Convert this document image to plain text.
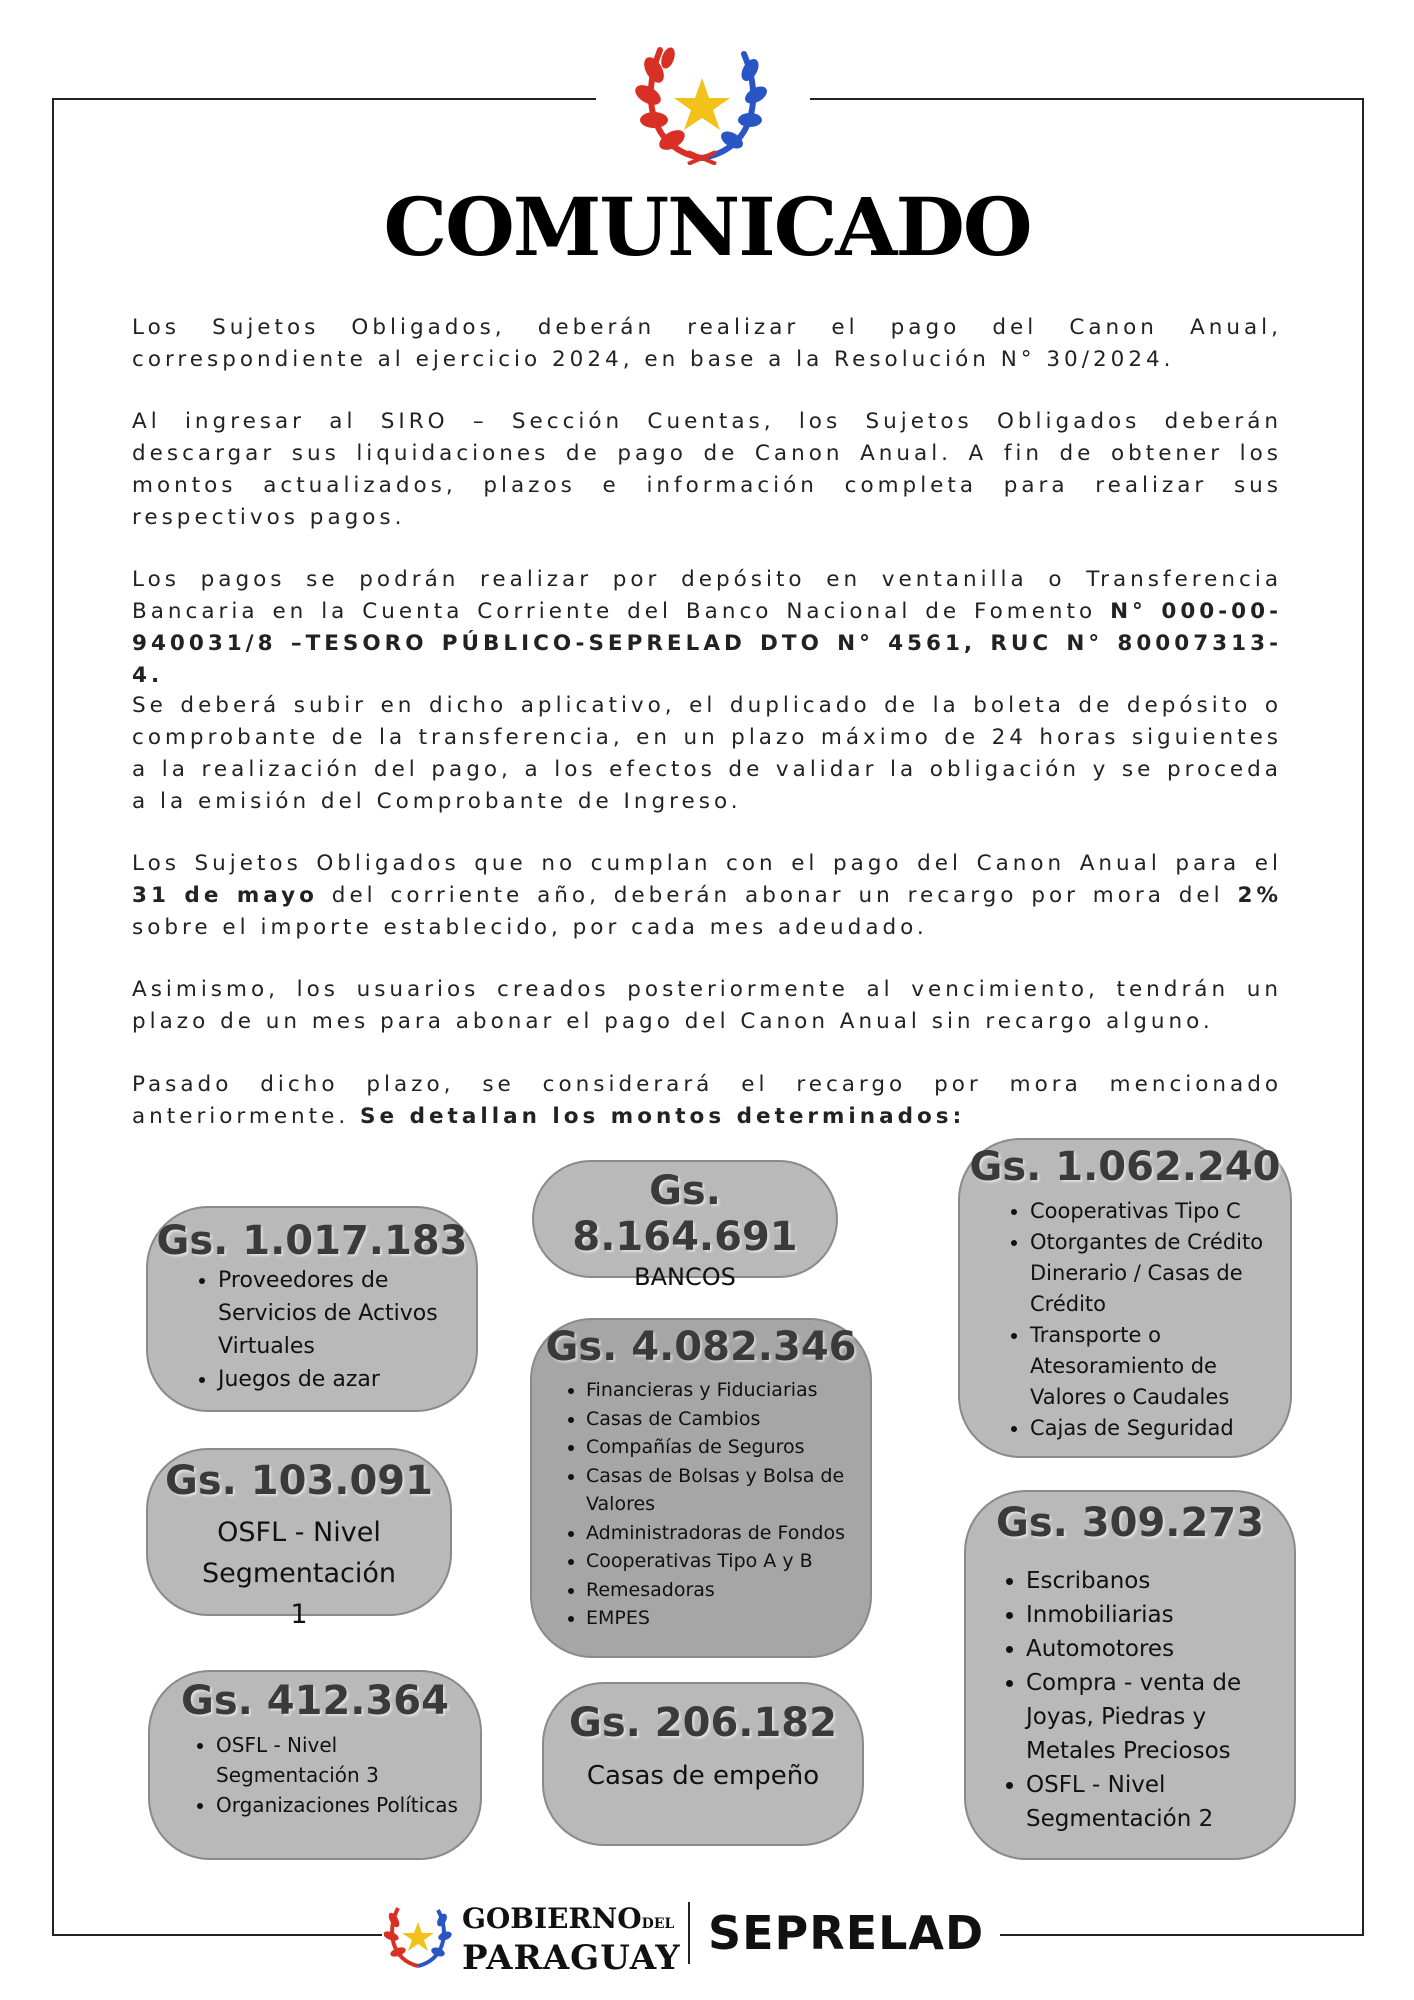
COMUNICADO

Los Sujetos Obligados, deberán realizar el pago del Canon Anual, correspondiente al ejercicio 2024, en base a la Resolución N° 30/2024.

Al ingresar al SIRO – Sección Cuentas, los Sujetos Obligados deberán descargar sus liquidaciones de pago de Canon Anual. A fin de obtener los montos actualizados, plazos e información completa para realizar sus respectivos pagos.

Los pagos se podrán realizar por depósito en ventanilla o Transferencia Bancaria en la Cuenta Corriente del Banco Nacional de Fomento N° 000-00-940031/8 –TESORO PÚBLICO-SEPRELAD DTO N° 4561, RUC N° 80007313-4.

Se deberá subir en dicho aplicativo, el duplicado de la boleta de depósito o comprobante de la transferencia, en un plazo máximo de 24 horas siguientes a la realización del pago, a los efectos de validar la obligación y se proceda a la emisión del Comprobante de Ingreso.

Los Sujetos Obligados que no cumplan con el pago del Canon Anual para el 31 de mayo del corriente año, deberán abonar un recargo por mora del 2% sobre el importe establecido, por cada mes adeudado.

Asimismo, los usuarios creados posteriormente al vencimiento, tendrán un plazo de un mes para abonar el pago del Canon Anual sin recargo alguno.

Pasado dicho plazo, se considerará el recargo por mora mencionado anteriormente. Se detallan los montos determinados:

Gs. 1.017.183
• Proveedores de Servicios de Activos Virtuales
• Juegos de azar
Gs. 103.091
OSFL - Nivel Segmentación 1
Gs. 412.364
• OSFL - Nivel Segmentación 3
• Organizaciones Políticas
Gs. 8.164.691
BANCOS
Gs. 4.082.346
• Financieras y Fiduciarias
• Casas de Cambios
• Compañías de Seguros
• Casas de Bolsas y Bolsa de Valores
• Administradoras de Fondos
• Cooperativas Tipo A y B
• Remesadoras
• EMPES
Gs. 206.182
Casas de empeño
Gs. 1.062.240
• Cooperativas Tipo C
• Otorgantes de Crédito Dinerario / Casas de Crédito
• Transporte o Atesoramiento de Valores o Caudales
• Cajas de Seguridad
Gs. 309.273
• Escribanos
• Inmobiliarias
• Automotores
• Compra - venta de Joyas, Piedras y Metales Preciosos
• OSFL - Nivel Segmentación 2
GOBIERNODEL
PARAGUAY SEPRELAD
